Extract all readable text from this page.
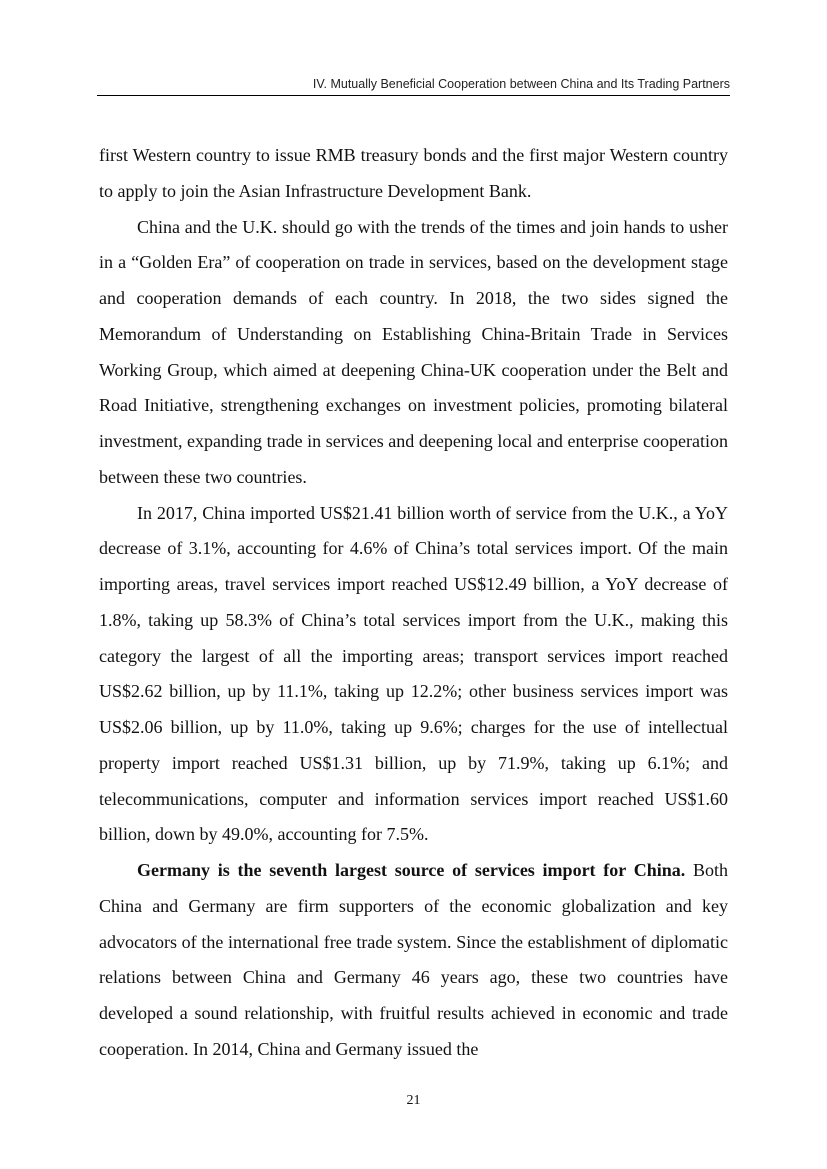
IV. Mutually Beneficial Cooperation between China and Its Trading Partners

first Western country to issue RMB treasury bonds and the first major Western country to apply to join the Asian Infrastructure Development Bank.

China and the U.K. should go with the trends of the times and join hands to usher in a “Golden Era” of cooperation on trade in services, based on the development stage and cooperation demands of each country. In 2018, the two sides signed the Memorandum of Understanding on Establishing China-Britain Trade in Services Working Group, which aimed at deepening China-UK cooperation under the Belt and Road Initiative, strengthening exchanges on investment policies, promoting bilateral investment, expanding trade in services and deepening local and enterprise cooperation between these two countries.

In 2017, China imported US$21.41 billion worth of service from the U.K., a YoY decrease of 3.1%, accounting for 4.6% of China’s total services import. Of the main importing areas, travel services import reached US$12.49 billion, a YoY decrease of 1.8%, taking up 58.3% of China’s total services import from the U.K., making this category the largest of all the importing areas; transport services import reached US$2.62 billion, up by 11.1%, taking up 12.2%; other business services import was US$2.06 billion, up by 11.0%, taking up 9.6%; charges for the use of intellectual property import reached US$1.31 billion, up by 71.9%, taking up 6.1%; and telecommunications, computer and information services import reached US$1.60 billion, down by 49.0%, accounting for 7.5%.

Germany is the seventh largest source of services import for China. Both China and Germany are firm supporters of the economic globalization and key advocators of the international free trade system. Since the establishment of diplomatic relations between China and Germany 46 years ago, these two countries have developed a sound relationship, with fruitful results achieved in economic and trade cooperation. In 2014, China and Germany issued the

21
